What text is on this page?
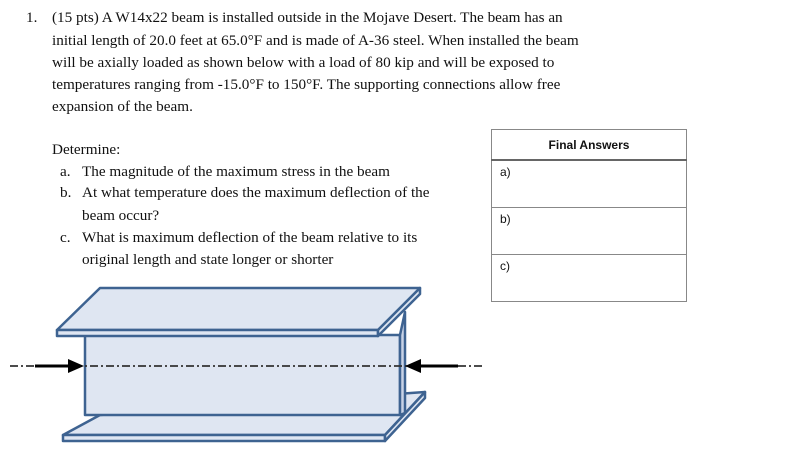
1. (15 pts) A W14x22 beam is installed outside in the Mojave Desert. The beam has an
initial length of 20.0 feet at 65.0°F and is made of A-36 steel. When installed the beam
will be axially loaded as shown below with a load of 80 kip and will be exposed to
temperatures ranging from -15.0°F to 150°F. The supporting connections allow free
expansion of the beam.
Determine:
a. The magnitude of the maximum stress in the beam
b. At what temperature does the maximum deflection of the
beam occur?
c. What is maximum deflection of the beam relative to its
original length and state longer or shorter
Final Answers
a)
b)
c)
